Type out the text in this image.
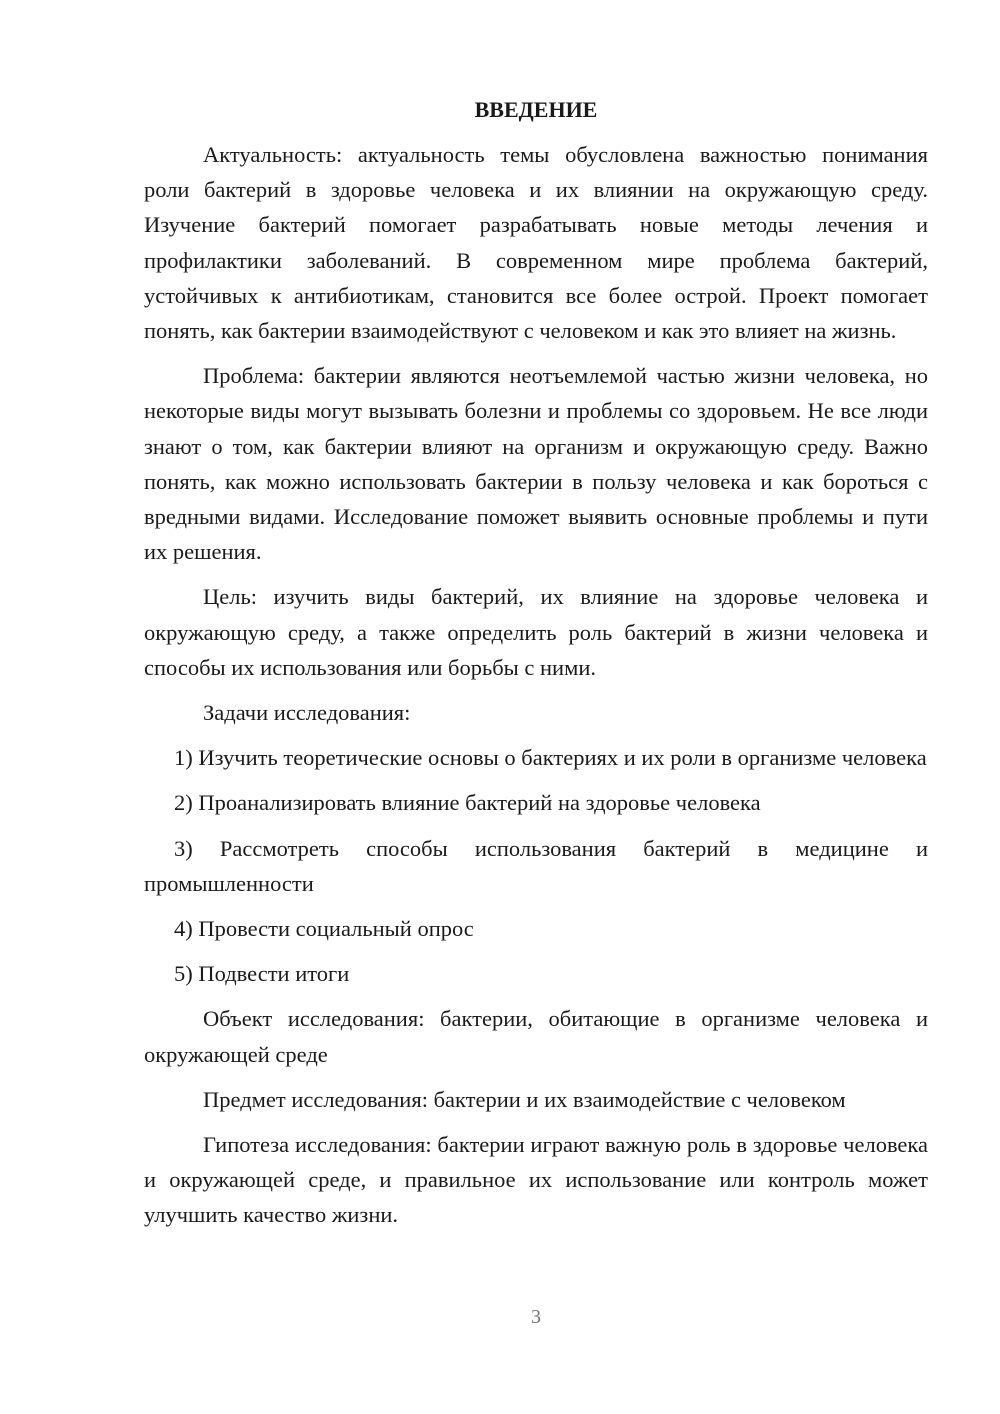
ВВЕДЕНИЕ

Актуальность: актуальность темы обусловлена важностью понимания роли бактерий в здоровье человека и их влиянии на окружающую среду. Изучение бактерий помогает разрабатывать новые методы лечения и профилактики заболеваний. В современном мире проблема бактерий, устойчивых к антибиотикам, становится все более острой. Проект помогает понять, как бактерии взаимодействуют с человеком и как это влияет на жизнь.

Проблема: бактерии являются неотъемлемой частью жизни человека, но некоторые виды могут вызывать болезни и проблемы со здоровьем. Не все люди знают о том, как бактерии влияют на организм и окружающую среду. Важно понять, как можно использовать бактерии в пользу человека и как бороться с вредными видами. Исследование поможет выявить основные проблемы и пути их решения.

Цель: изучить виды бактерий, их влияние на здоровье человека и окружающую среду, а также определить роль бактерий в жизни человека и способы их использования или борьбы с ними.

Задачи исследования:

1) Изучить теоретические основы о бактериях и их роли в организме человека

2) Проанализировать влияние бактерий на здоровье человека

3) Рассмотреть способы использования бактерий в медицине и промышленности

4) Провести социальный опрос

5) Подвести итоги

Объект исследования: бактерии, обитающие в организме человека и окружающей среде

Предмет исследования: бактерии и их взаимодействие с человеком

Гипотеза исследования: бактерии играют важную роль в здоровье человека и окружающей среде, и правильное их использование или контроль может улучшить качество жизни.

3
